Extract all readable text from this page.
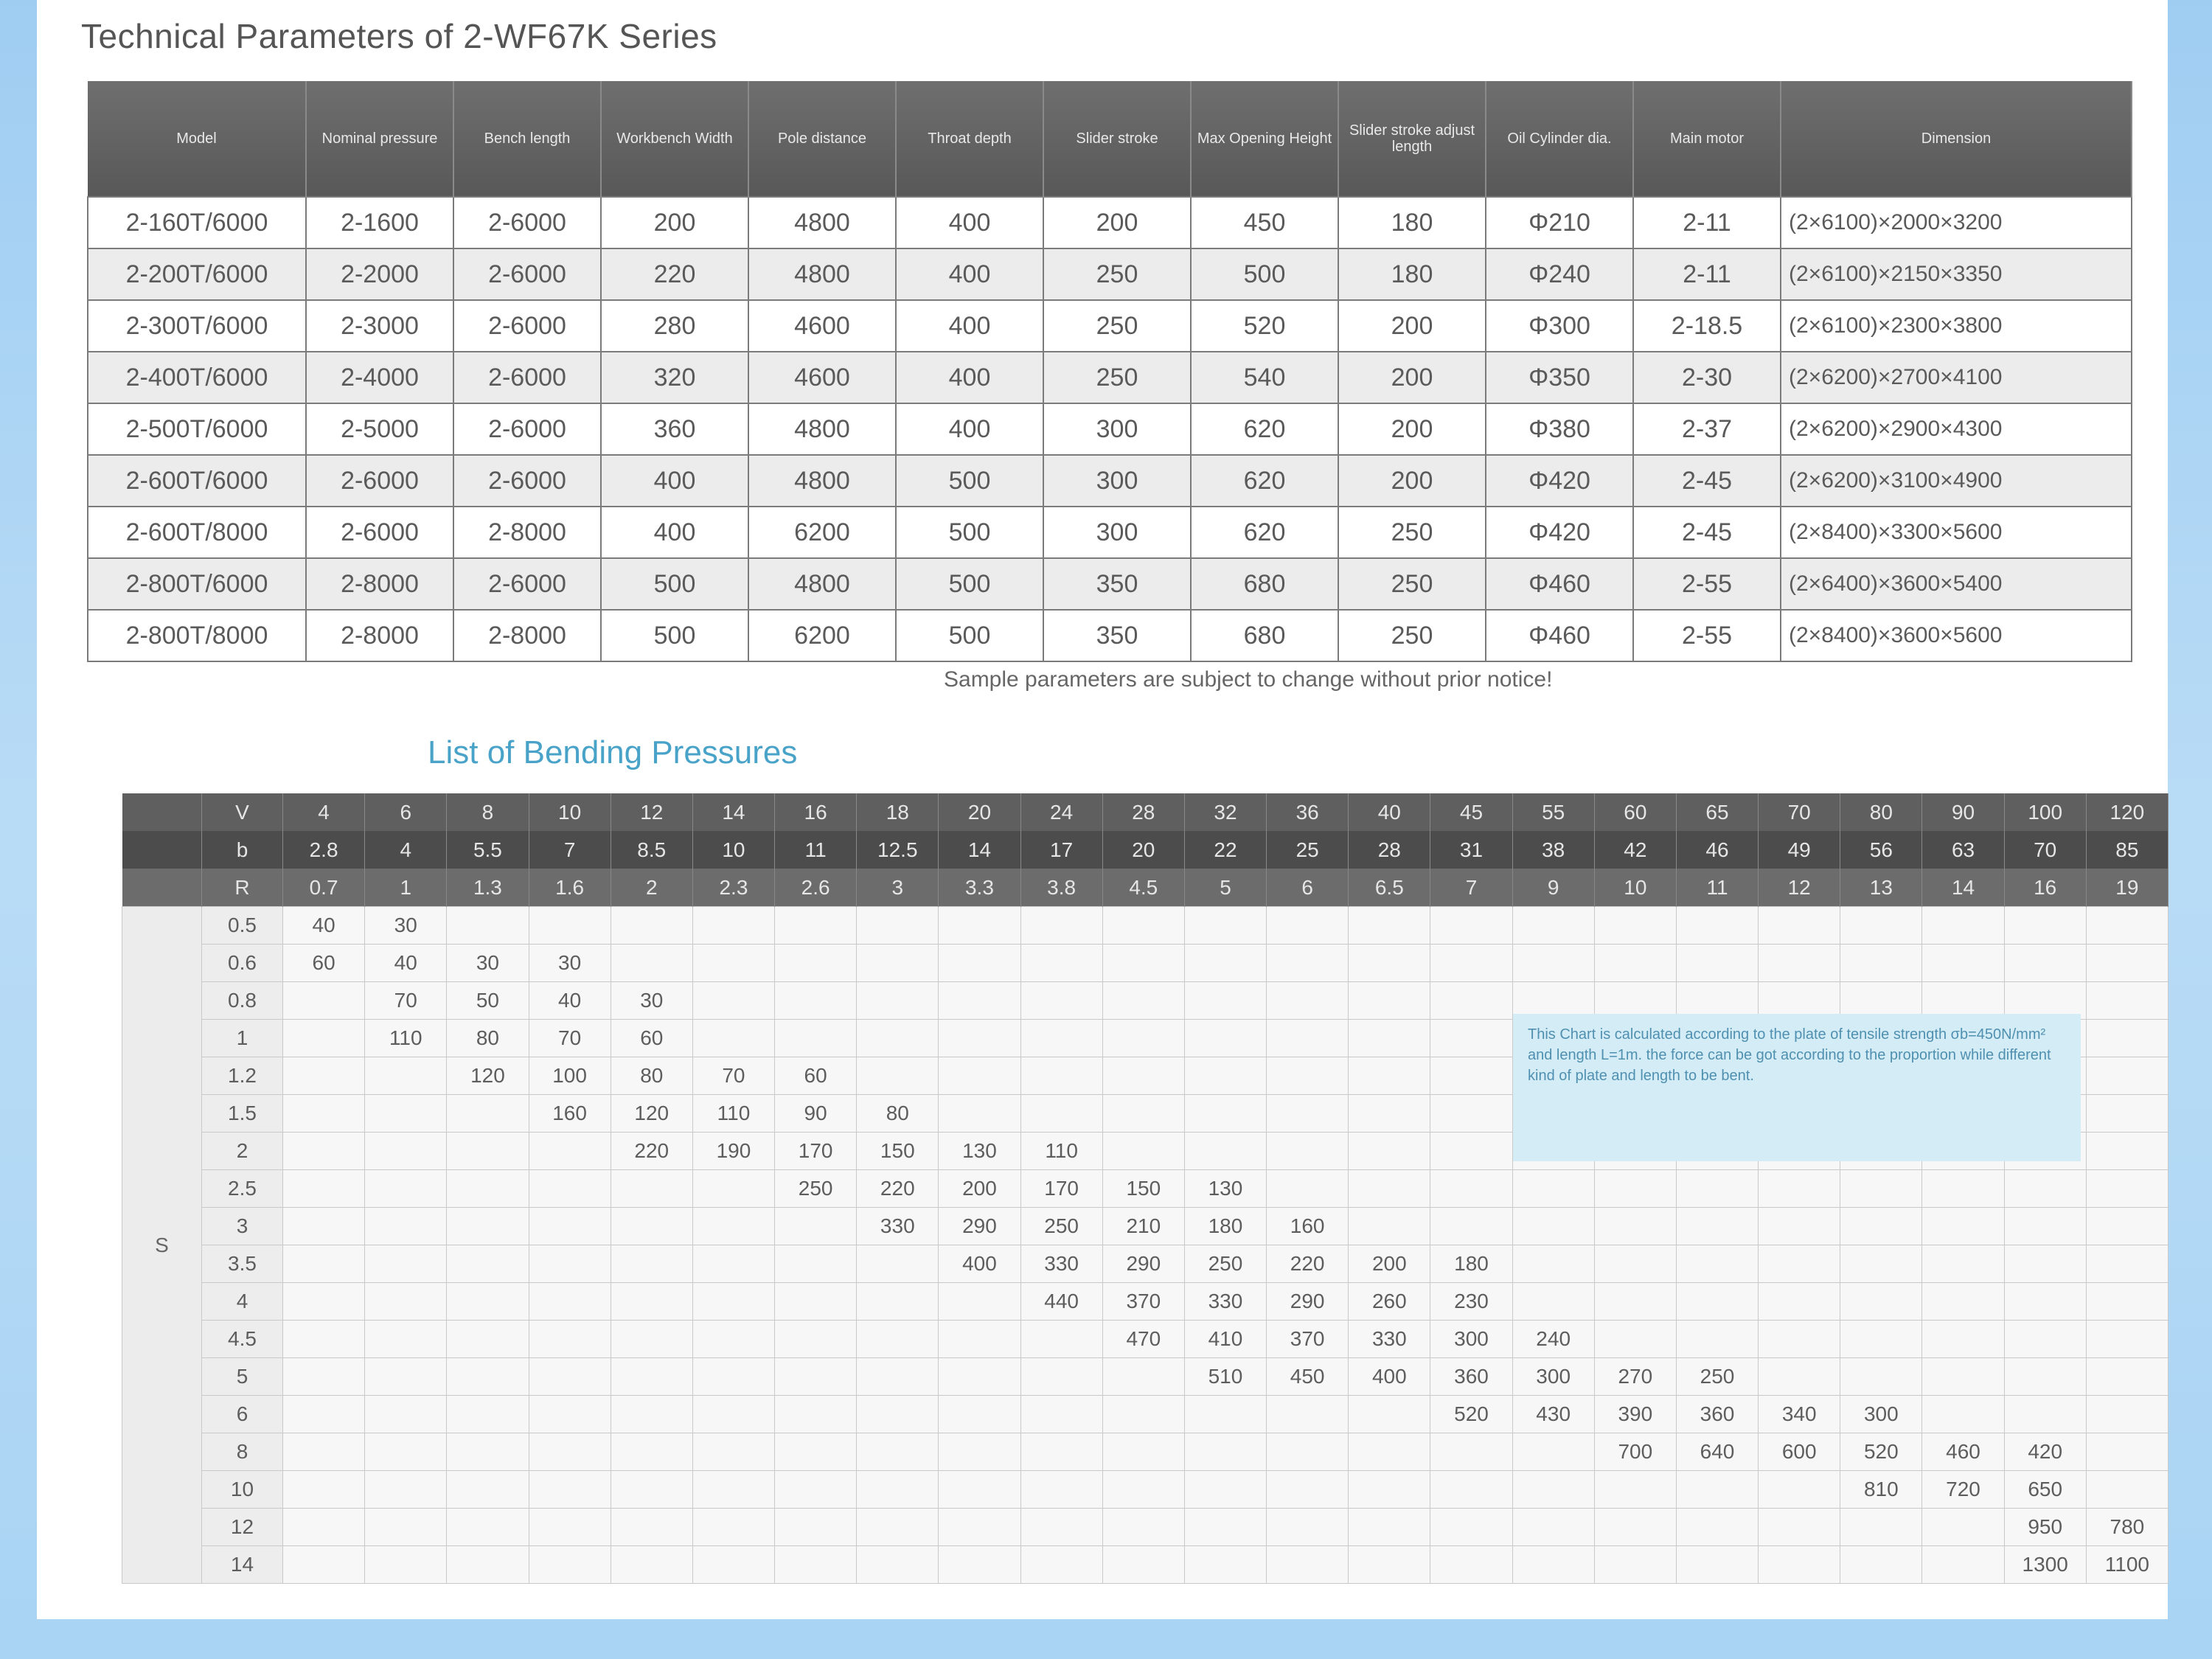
Technical Parameters of 2-WF67K Series
Model	Nominal pressure	Bench length	Workbench Width	Pole distance	Throat depth	Slider stroke	Max Opening Height	Slider stroke adjust length	Oil Cylinder dia.	Main motor	Dimension
2-160T/6000	2-1600	2-6000	200	4800	400	200	450	180	Φ210	2-11	(2×6100)×2000×3200
2-200T/6000	2-2000	2-6000	220	4800	400	250	500	180	Φ240	2-11	(2×6100)×2150×3350
2-300T/6000	2-3000	2-6000	280	4600	400	250	520	200	Φ300	2-18.5	(2×6100)×2300×3800
2-400T/6000	2-4000	2-6000	320	4600	400	250	540	200	Φ350	2-30	(2×6200)×2700×4100
2-500T/6000	2-5000	2-6000	360	4800	400	300	620	200	Φ380	2-37	(2×6200)×2900×4300
2-600T/6000	2-6000	2-6000	400	4800	500	300	620	200	Φ420	2-45	(2×6200)×3100×4900
2-600T/8000	2-6000	2-8000	400	6200	500	300	620	250	Φ420	2-45	(2×8400)×3300×5600
2-800T/6000	2-8000	2-6000	500	4800	500	350	680	250	Φ460	2-55	(2×6400)×3600×5400
2-800T/8000	2-8000	2-8000	500	6200	500	350	680	250	Φ460	2-55	(2×8400)×3600×5600
Sample parameters are subject to change without prior notice!
List of Bending Pressures
	V	4	6	8	10	12	14	16	18	20	24	28	32	36	40	45	55	60	65	70	80	90	100	120
	b	2.8	4	5.5	7	8.5	10	11	12.5	14	17	20	22	25	28	31	38	42	46	49	56	63	70	85
	R	0.7	1	1.3	1.6	2	2.3	2.6	3	3.3	3.8	4.5	5	6	6.5	7	9	10	11	12	13	14	16	19
S	0.5	40	30																					
	0.6	60	40	30	30																			
	0.8		70	50	40	30																		
	1		110	80	70	60																		
	1.2			120	100	80	70	60																
	1.5				160	120	110	90	80															
	2					220	190	170	150	130	110													
	2.5							250	220	200	170	150	130											
	3								330	290	250	210	180	160										
	3.5									400	330	290	250	220	200	180								
	4										440	370	330	290	260	230								
	4.5											470	410	370	330	300	240							
	5												510	450	400	360	300	270	250					
	6															520	430	390	360	340	300			
	8																	700	640	600	520	460	420	
	10																				810	720	650	
	12																						950	780
	14																						1300	1100
This Chart is calculated according to the plate of tensile strength σb=450N/mm² and length L=1m. the force can be got according to the proportion while different kind of plate and length to be bent.
